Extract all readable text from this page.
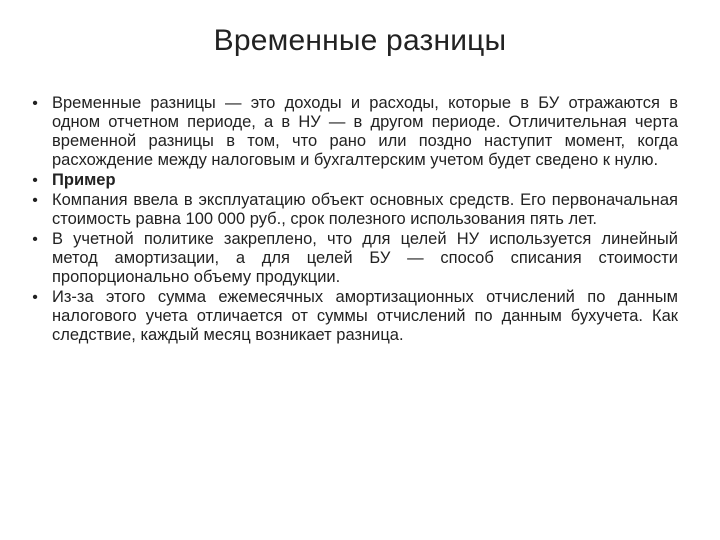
Временные разницы
• Временные разницы — это доходы и расходы, которые в БУ отражаются в одном отчетном периоде, а в НУ — в другом периоде. Отличительная черта временной разницы в том, что рано или поздно наступит момент, когда расхождение между налоговым и бухгалтерским учетом будет сведено к нулю.
• Пример
• Компания ввела в эксплуатацию объект основных средств. Его первоначальная стоимость равна 100 000 руб., срок полезного использования пять лет.
• В учетной политике закреплено, что для целей НУ используется линейный метод амортизации, а для целей БУ — способ списания стоимости пропорционально объему продукции.
• Из-за этого сумма ежемесячных амортизационных отчислений по данным налогового учета отличается от суммы отчислений по данным бухучета. Как следствие, каждый месяц возникает разница.
